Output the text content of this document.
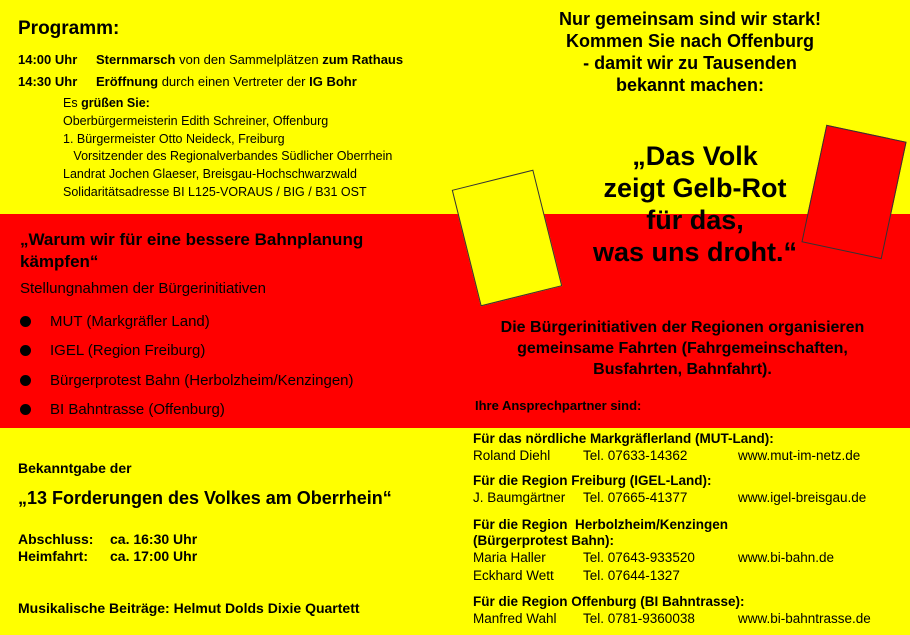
Programm:
14:00 Uhr Sternmarsch von den Sammelplätzen zum Rathaus
14:30 Uhr Eröffnung durch einen Vertreter der IG Bohr
Es grüßen Sie:
Oberbürgermeisterin Edith Schreiner, Offenburg
1. Bürgermeister Otto Neideck, Freiburg
Vorsitzender des Regionalverbandes Südlicher Oberrhein
Landrat Jochen Glaeser, Breisgau-Hochschwarzwald
Solidaritätsadresse BI L125-VORAUS / BIG / B31 OST
„Warum wir für eine bessere Bahnplanung
kämpfen“
Stellungnahmen der Bürgerinitiativen
MUT (Markgräfler Land)
IGEL (Region Freiburg)
Bürgerprotest Bahn (Herbolzheim/Kenzingen)
BI Bahntrasse (Offenburg)
Bekanntgabe der
„13 Forderungen des Volkes am Oberrhein“
Abschluss: ca. 16:30 Uhr
Heimfahrt: ca. 17:00 Uhr
Musikalische Beiträge: Helmut Dolds Dixie Quartett
Nur gemeinsam sind wir stark!
Kommen Sie nach Offenburg
- damit wir zu Tausenden
bekannt machen:
„Das Volk
zeigt Gelb-Rot
für das,
was uns droht.“
Die Bürgerinitiativen der Regionen organisieren
gemeinsame Fahrten (Fahrgemeinschaften,
Busfahrten, Bahnfahrt).
Ihre Ansprechpartner sind:
Für das nördliche Markgräflerland (MUT-Land):
Roland Diehl	Tel. 07633-14362	www.mut-im-netz.de
Für die Region Freiburg (IGEL-Land):
J. Baumgärtner	Tel. 07665-41377	www.igel-breisgau.de
Für die Region  Herbolzheim/Kenzingen
(Bürgerprotest Bahn):
Maria Haller	Tel. 07643-933520	www.bi-bahn.de
Eckhard Wett	Tel. 07644-1327
Für die Region Offenburg (BI Bahntrasse):
Manfred Wahl	Tel. 0781-9360038	www.bi-bahntrasse.de
